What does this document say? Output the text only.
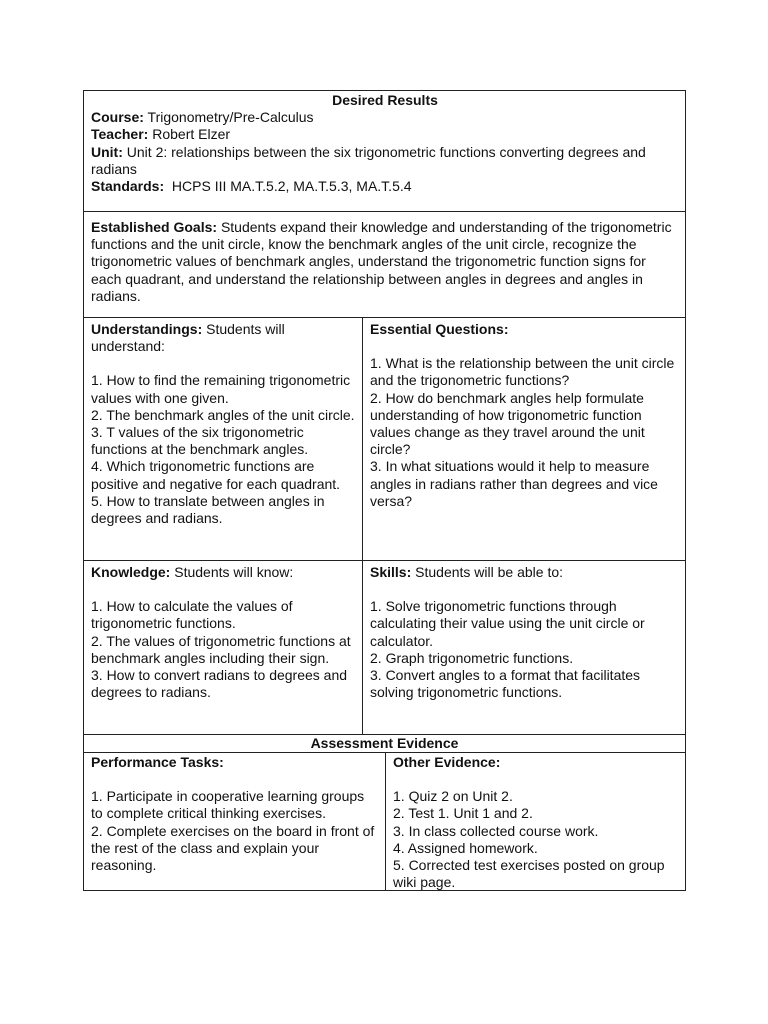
Desired Results
Course: Trigonometry/Pre-Calculus
Teacher: Robert Elzer
Unit: Unit 2: relationships between the six trigonometric functions converting degrees and radians
Standards: HCPS III MA.T.5.2, MA.T.5.3, MA.T.5.4
Established Goals: Students expand their knowledge and understanding of the trigonometric functions and the unit circle, know the benchmark angles of the unit circle, recognize the trigonometric values of benchmark angles, understand the trigonometric function signs for each quadrant, and understand the relationship between angles in degrees and angles in radians.
Understandings: Students will understand:
1. How to find the remaining trigonometric values with one given.
2. The benchmark angles of the unit circle.
3. T values of the six trigonometric functions at the benchmark angles.
4. Which trigonometric functions are positive and negative for each quadrant.
5. How to translate between angles in degrees and radians.
Essential Questions:
1. What is the relationship between the unit circle and the trigonometric functions?
2. How do benchmark angles help formulate understanding of how trigonometric function values change as they travel around the unit circle?
3. In what situations would it help to measure angles in radians rather than degrees and vice versa?
Knowledge: Students will know:
1. How to calculate the values of trigonometric functions.
2. The values of trigonometric functions at benchmark angles including their sign.
3. How to convert radians to degrees and degrees to radians.
Skills: Students will be able to:
1. Solve trigonometric functions through calculating their value using the unit circle or calculator.
2. Graph trigonometric functions.
3. Convert angles to a format that facilitates solving trigonometric functions.
Assessment Evidence
Performance Tasks:
1. Participate in cooperative learning groups to complete critical thinking exercises.
2. Complete exercises on the board in front of the rest of the class and explain your reasoning.
Other Evidence:
1. Quiz 2 on Unit 2.
2. Test 1. Unit 1 and 2.
3. In class collected course work.
4. Assigned homework.
5. Corrected test exercises posted on group wiki page.
